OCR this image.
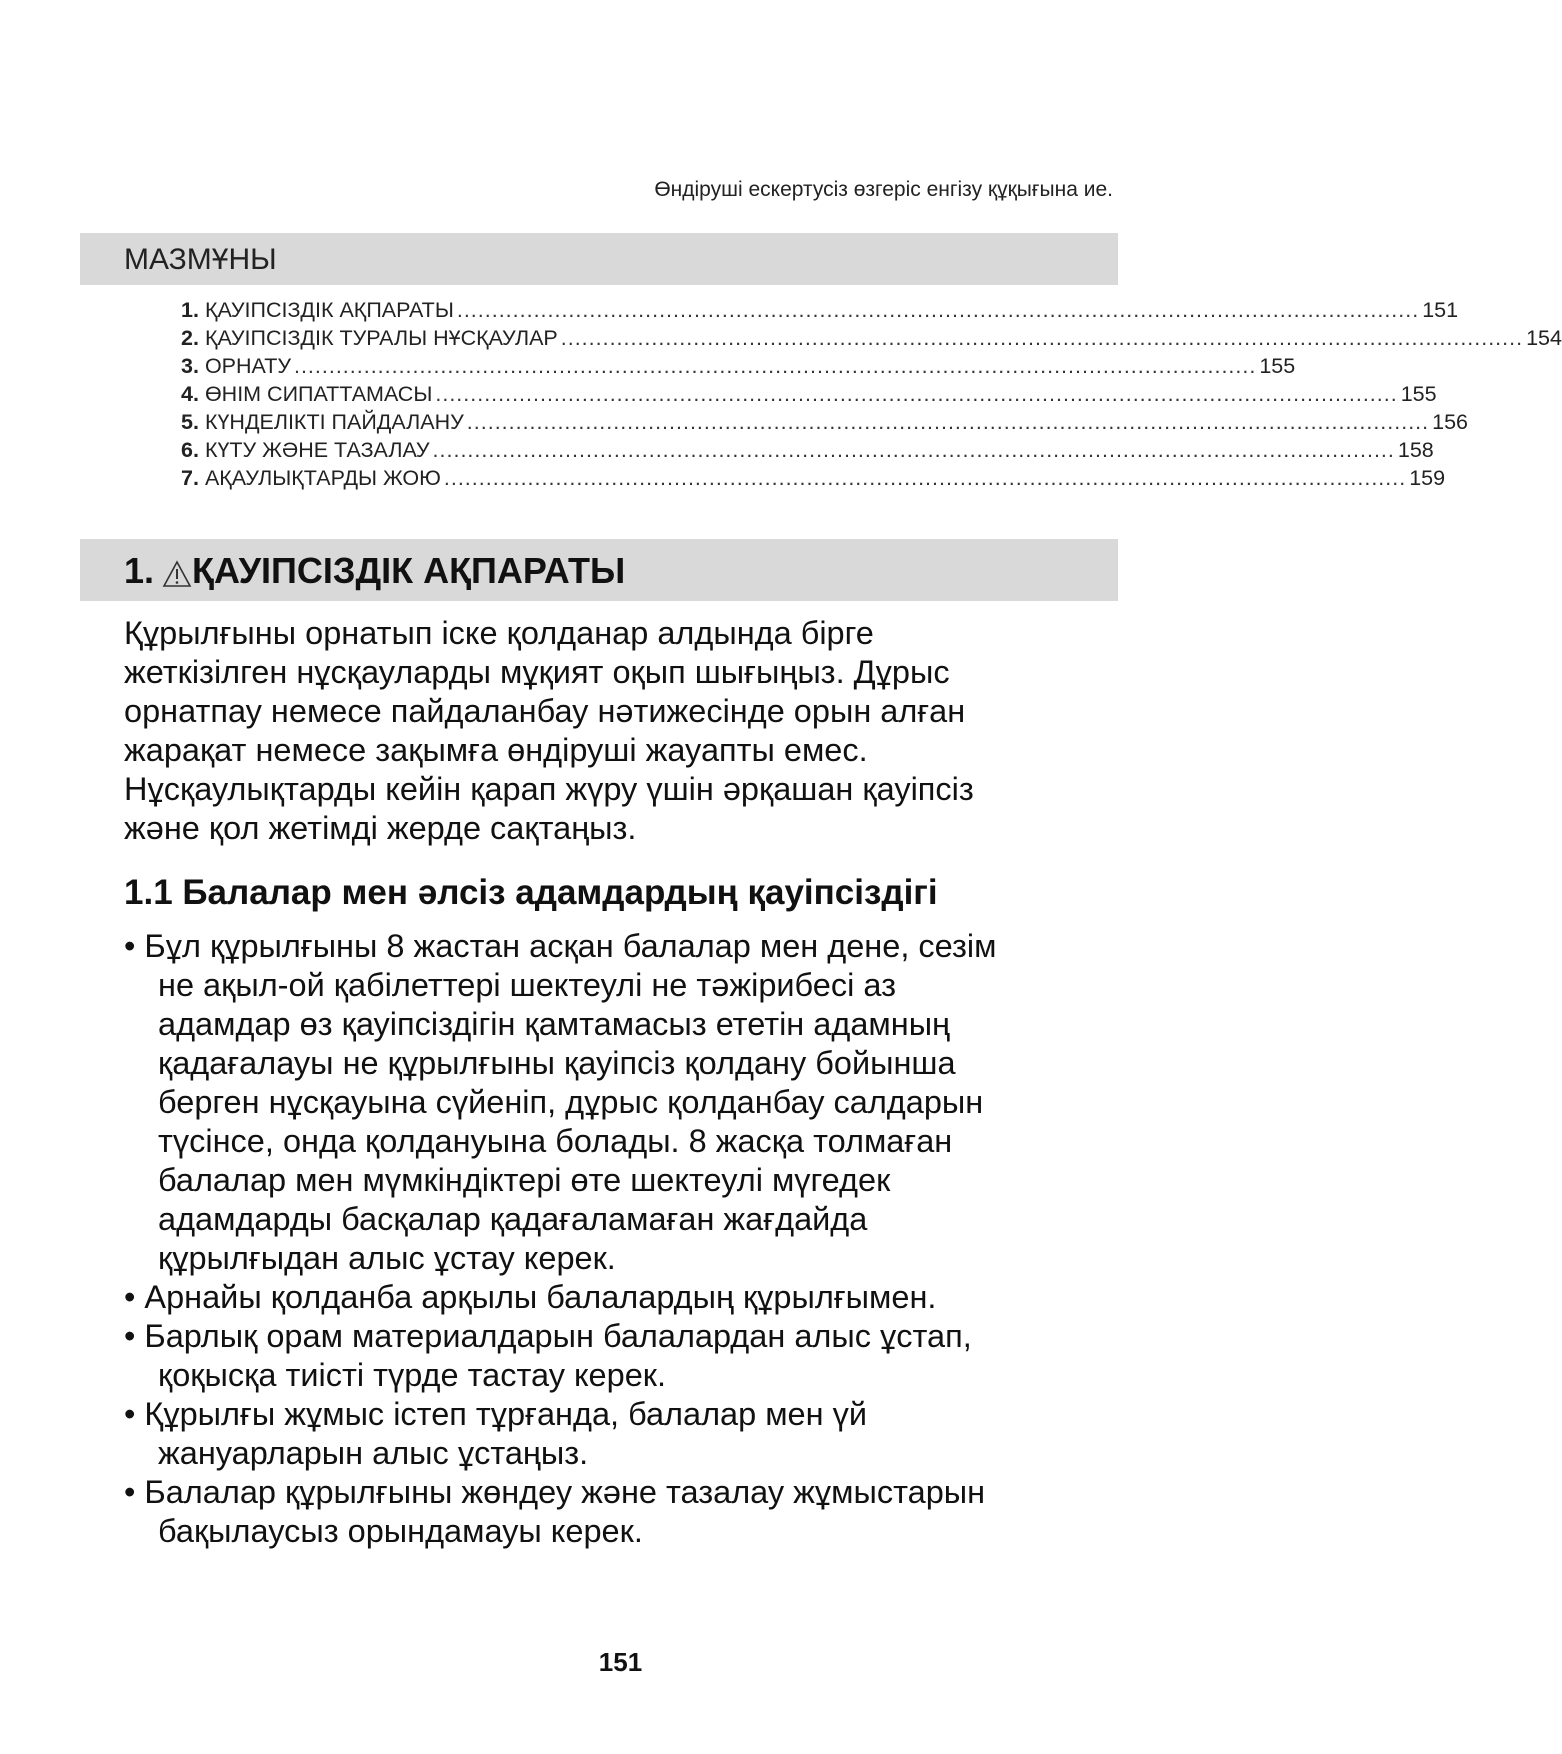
Өндіруші ескертусіз өзгеріс енгізу құқығына ие.
МАЗМҰНЫ
1. ҚАУІПСІЗДІК АҚПАРАТЫ .......................................................................................................................................... 151
2. ҚАУІПСІЗДІК ТУРАЛЫ НҰСҚАУЛАР .......................................................................................................................................... 154
3. ОРНАТУ .......................................................................................................................................... 155
4. ӨНІМ СИПАТТАМАСЫ .......................................................................................................................................... 155
5. КҮНДЕЛІКТІ ПАЙДАЛАНУ .......................................................................................................................................... 156
6. КҮТУ ЖӘНЕ ТАЗАЛАУ .......................................................................................................................................... 158
7. АҚАУЛЫҚТАРДЫ ЖОЮ .......................................................................................................................................... 159
1. ҚАУІПСІЗДІК АҚПАРАТЫ
Құрылғыны орнатып іске қолданар алдында бірге
жеткізілген нұсқауларды мұқият оқып шығыңыз. Дұрыс
орнатпау немесе пайдаланбау нәтижесінде орын алған
жарақат немесе зақымға өндіруші жауапты емес.
Нұсқаулықтарды кейін қарап жүру үшін әрқашан қауіпсіз
және қол жетімді жерде сақтаңыз.
1.1 Балалар мен әлсіз адамдардың қауіпсіздігі
• Бұл құрылғыны 8 жастан асқан балалар мен дене, сезім
не ақыл-ой қабілеттері шектеулі не тәжірибесі аз
адамдар өз қауіпсіздігін қамтамасыз ететін адамның
қадағалауы не құрылғыны қауіпсіз қолдану бойынша
берген нұсқауына сүйеніп, дұрыс қолданбау салдарын
түсінсе, онда қолдануына болады. 8 жасқа толмаған
балалар мен мүмкіндіктері өте шектеулі мүгедек
адамдарды басқалар қадағаламаған жағдайда
құрылғыдан алыс ұстау керек.
• Арнайы қолданба арқылы балалардың құрылғымен.
• Барлық орам материалдарын балалардан алыс ұстап,
қоқысқа тиісті түрде тастау керек.
• Құрылғы жұмыс істеп тұрғанда, балалар мен үй
жануарларын алыс ұстаңыз.
• Балалар құрылғыны жөндеу және тазалау жұмыстарын
бақылаусыз орындамауы керек.
151
